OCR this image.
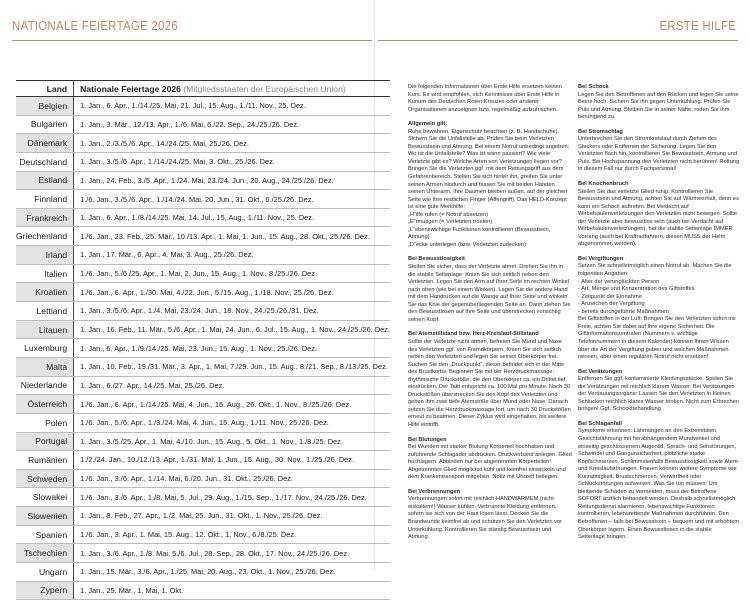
NATIONALE FEIERTAGE 2026	ERSTE HILFE
Land	Nationale Feiertage 2026 (Mitgliedsstaaten der Europäischen Union)
Belgien	1. Jan., 6. Apr., 1./14./25. Mai, 21. Jul., 15. Aug., 1./11. Nov., 25. Dez.
Bulgarien	1. Jan., 3. Mär., 12./13. Apr., 1./6. Mai, 6./22. Sep., 24./25./26. Dez.
Dänemark	1. Jan., 2./3./5./6. Apr., 14./24./25. Mai, 25./26. Dez.
Deutschland	1. Jan., 3./5./6. Apr., 1./14./24./25. Mai, 3. Okt., 25./26. Dez.
Estland	1. Jan., 24. Feb., 3./5. Apr., 1./24. Mai, 23./24. Jun., 20. Aug., 24./25./26. Dez.
Finnland	1./6. Jan., 3./5./6. Apr., 1./14./24. Mai, 20. Jun., 31. Okt., 6./25./26. Dez.
Frankreich	1. Jan., 6. Apr., 1./8./14./25. Mai, 14. Jul., 15. Aug., 1./11. Nov., 25. Dez.
Griechenland	1./6. Jan., 23. Feb., 25. Mär., 10./13. Apr., 1. Mai, 1. Jun., 15. Aug., 28. Okt., 25./26. Dez.
Irland	1. Jan., 17. Mär., 6. Apr., 4. Mai, 3. Aug., 25./26. Dez.
Italien	1./6. Jan., 5./6./25. Apr., 1. Mai, 2. Jun., 15. Aug., 1. Nov., 8./25./26. Dez.
Kroatien	1./6. Jan., 6. Apr., 1./30. Mai, 4./22. Jun., 5./15. Aug., 1./18. Nov., 25./26. Dez.
Lettland	1. Jan., 3./5./6. Apr., 1./4. Mai, 23./24. Jun., 18. Nov., 24./25./26./31. Dez.
Litauen	1. Jan., 16. Feb., 11. Mär., 5./6. Apr., 1. Mai, 24. Jun., 6. Jul., 15. Aug., 1. Nov., 24./25./26. Dez.
Luxemburg	1. Jan., 6. Apr., 1./9./14./25. Mai, 23. Jun., 15. Aug., 1. Nov., 25./26. Dez.
Malta	1. Jan., 10. Feb., 19./31. Mär., 3. Apr., 1. Mai, 7./29. Jun., 15. Aug., 8./21. Sep., 8./13./25. Dez.
Niederlande	1. Jan., 6./27. Apr., 14./25. Mai, 25./26. Dez.
Österreich	1./6. Jan., 6. Apr., 1./14./25. Mai, 4. Jun., 15. Aug., 26. Okt., 1. Nov., 8./25./26. Dez.
Polen	1./6. Jan., 5./6. Apr., 1./3./24. Mai, 4. Jun., 15. Aug., 1./11. Nov., 25./26. Dez.
Portugal	1. Jan., 3./5./25. Apr., 1. Mai, 4./10. Jun., 15. Aug., 5. Okt., 1. Nov., 1./8./25. Dez.
Rumänien	1./2./24. Jan., 10./12./13. Apr., 1./31. Mai, 1. Jun., 15. Aug., 30. Nov., 1./25./26. Dez.
Schweden	1./6. Jan., 3./6. Apr., 1./14. Mai, 6./20. Jun., 31. Okt., 25./26. Dez.
Slowakei	1./6. Jan., 3./6. Apr., 1./8. Mai, 5. Jul., 29. Aug., 1./15. Sep., 1./17. Nov., 24./25./26. Dez.
Slowenien	1. Jan., 8. Feb., 27. Apr., 1./2. Mai, 25. Jun., 31. Okt., 1. Nov., 25./26. Dez.
Spanien	1./6. Jan., 3. Apr., 1. Mai, 15. Aug., 12. Okt., 1. Nov., 6./8./25. Dez.
Tschechien	1. Jan., 3./6. Apr., 1./8. Mai, 5./6. Jul., 28. Sep., 28. Okt., 17. Nov., 24./25./26. Dez.
Ungarn	1. Jan., 15. Mär., 3./6. Apr., 1./25. Mai, 20. Aug., 23. Okt., 1. Nov., 25./26. Dez.
Zypern	1. Jan., 25. Mär., 1. Mai, 1. Okt.
Die folgenden Informationen über Erste Hilfe ersetzen keinen Kurs. Es wird empfohlen, sich Kenntnisse über Erste Hilfe in Kursen des Deutschen Roten Kreuzes oder anderer Organisationen anzueignen bzw. regelmäßig aufzufrischen.
Allgemein gilt:
Ruhe bewahren. Eigenschutz beachten (z. B. Handschuhe). Sichern Sie die Unfallstelle ab. Prüfen Sie beim Verletzten Bewusstsein und Atmung. Bei einem Notruf unbedingt angeben: Wo ist die Unfallstelle? Was ist wann passiert? Wie viele Verletzte gibt es? Welche Arten von Verletzungen liegen vor? Bringen Sie die Verletzten ggf. mit dem Rettungsgriff aus dem Gefahrenbereich. Stellen Sie sich hinter ihn, greifen Sie unter seinen Armen hindurch und fassen Sie mit beiden Händen seinen Unterarm. Ihre Daumen bleiben außen, auf der gleichen Seite wie Ihre restlichen Finger (Affengriff). Das HELD-Konzept ist eine gute Merkhilfe:
„H“ilfe rufen (= Notruf absetzen)
„E“rmutigen (= Verletzten trösten)
„L“ebenswichtige Funktionen kontrollieren (Bewusstsein, Atmung)
„D“ecke unterlegen (bzw. Verletzten zudecken)
Bei Bewusstlosigkeit
Stellen Sie sicher, dass der Verletzte atmet. Drehen Sie ihn in die stabile Seitenlage: Knien Sie sich seitlich neben den Verletzten. Legen Sie den Arm auf Ihrer Seite im rechten Winkel nach oben (wie bei einem Winken). Legen Sie die andere Hand mit dem Handrücken auf die Wange auf Ihrer Seite und winkeln Sie das Knie der gegenüberliegenden Seite an. Dann ziehen Sie den Bewusstlosen auf Ihre Seite und überstrecken vorsichtig seinen Kopf.
Bei Atemstillstand bzw. Herz-Kreislauf-Stillstand
Sollte der Verletzte nicht atmen, befreien Sie Mund und Nase des Verletzten ggf. von Fremdkörpern. Knien Sie sich seitlich neben den Verletzten und legen Sie seinen Oberkörper frei. Suchen Sie den „Druckpunkt“, dieser befindet sich in der Mitte des Brustkorbs. Beginnen Sie mit der Herzdruckmassage: rhythmische Druckstöße, die den Oberkörper ca. ein Drittel tief eindrücken. Der Takt entspricht ca. 100 Mal pro Minute. Nach 30 Druckstößen überstrecken Sie den Kopf des Verletzten und geben ihm zwei tiefe Atemstöße über Mund oder Nase. Danach setzen Sie die Herzdruckmassage fort, um nach 30 Druckstößen erneut zu beatmen. Dieser Zyklus wird eingehalten, bis weitere Hilfe eintrifft.
Bei Blutungen
Bei Wunden mit starker Blutung Körperteil hochhalten und zuführende Schlagader abdrücken. Druckverband anlegen. Glied hochlagern. Abbinden nur bei abgetrennten Körperteilen! Abgetrenntes Glied möglichst kühl und keimfrei einwickeln und dem Krankentransport mitgeben. Notiz mit Uhrzeit beilegen.
Bei Verbrennungen
Verbrennungen sofort mit reichlich HANDWARMEM (nicht eiskaltem!) Wasser kühlen. Verbrannte Kleidung entfernen, sofern sie sich von der Haut lösen lässt. Decken Sie die Brandwunde keimfrei ab und schützen Sie den Verletzten vor Unterkühlung. Kontrollieren Sie ständig Bewusstsein und Atmung.
Bei Schock
Legen Sie den Betroffenen auf den Rücken und legen Sie seine Beine hoch. Sichern Sie ihn gegen Unterkühlung. Prüfen Sie Puls und Atmung. Bleiben Sie in seiner Nähe, reden Sie ihm beruhigend zu.
Bei Stromschlag
Unterbrechen Sie den Stromkreislauf durch Ziehen des Steckers oder Entfernen der Sicherung. Legen Sie den Verletzten flach hin, kontrollieren Sie Bewusstsein, Atmung und Puls. Bei Hochspannung den Verletzten nicht berühren! Rettung in diesem Fall nur durch Fachpersonal!
Bei Knochenbruch
Stellen Sie das verletzte Glied ruhig. Kontrollieren Sie Bewusstsein und Atmung, achten Sie auf Wärmeerhalt, denn es kann ein Schock auftreten. Bei Verdacht auf Wirbelsäulenverletzungen den Verletzten nicht bewegen. Sollte der Verletzte aber bewusstlos sein (auch bei Verdacht auf Wirbelsäulenverletzungen), hat die stabile Seitenlage IMMER Vorrang (auch bei Kraftradfahrern, diesen MUSS der Helm abgenommen werden).
Bei Vergiftungen
Setzen Sie schnellstmöglich einen Notruf ab. Machen Sie die folgenden Angaben:
- Alter der verunglückten Person
- Art, Menge und Konzentration des Giftstoffes
- Zeitpunkt der Einnahme
- Anzeichen der Vergiftung
- bereits durchgeführte Maßnahmen
Bei Giftstoffen in der Luft: Bringen Sie den Verletzten sofort ins Freie, achten Sie dabei auf Ihre eigene Sicherheit. Die Giftinformationszentralen (Nummern s. wichtige Telefonnummern in diesem Kalender) können Ihnen Wissen über die Art der Vergiftung geben und welchen Maßnahmen nennen, aber einen regulären Notruf nicht ersetzen!
Bei Verätzungen
Entfernen Sie ggf. kontaminierte Kleidungsstücke. Spülen Sie die Verätzungen mit reichlich klarem Wasser. Bei Verätzungen der Verdauungsorgane: Lassen Sie den Verletzten in kleinen Schlucken reichlich klares Wasser trinken. Nicht zum Erbrechen bringen! Ggf. Schockbehandlung.
Bei Schlaganfall
Symptome erkennen: Lähmungen an den Extremitäten, Gesichtslähmung mit herabhängendem Mundwinkel und einseitig geschlossenem Augenlid, Sprach- und Sehstörungen, Schwindel und Gangunsicherheit, plötzliche starke Kopfschmerzen. Schlimmstenfalls Bewusstlosigkeit sowie Atem- und Kreislaufstörungen. Frauen können weitere Symptome wie Kurzatmigkeit, Brustschmerzen, Verwirrtheit oder Schluckstörungen aufweisen. Was Sie tun müssen: Um bleibende Schäden zu vermeiden, muss der Betroffene SOFORT ärztlich behandelt werden. Deshalb schnellstmöglich Rettungsdienst alarmieren, lebenswichtige Funktionen kontrollieren, lebensrettende Maßnahmen durchführen. Den Betroffenen – falls bei Bewusstsein – bequem und mit erhöhtem Oberkörper lagern. Einen Bewusstlosen in die stabile Seitenlage bringen.
